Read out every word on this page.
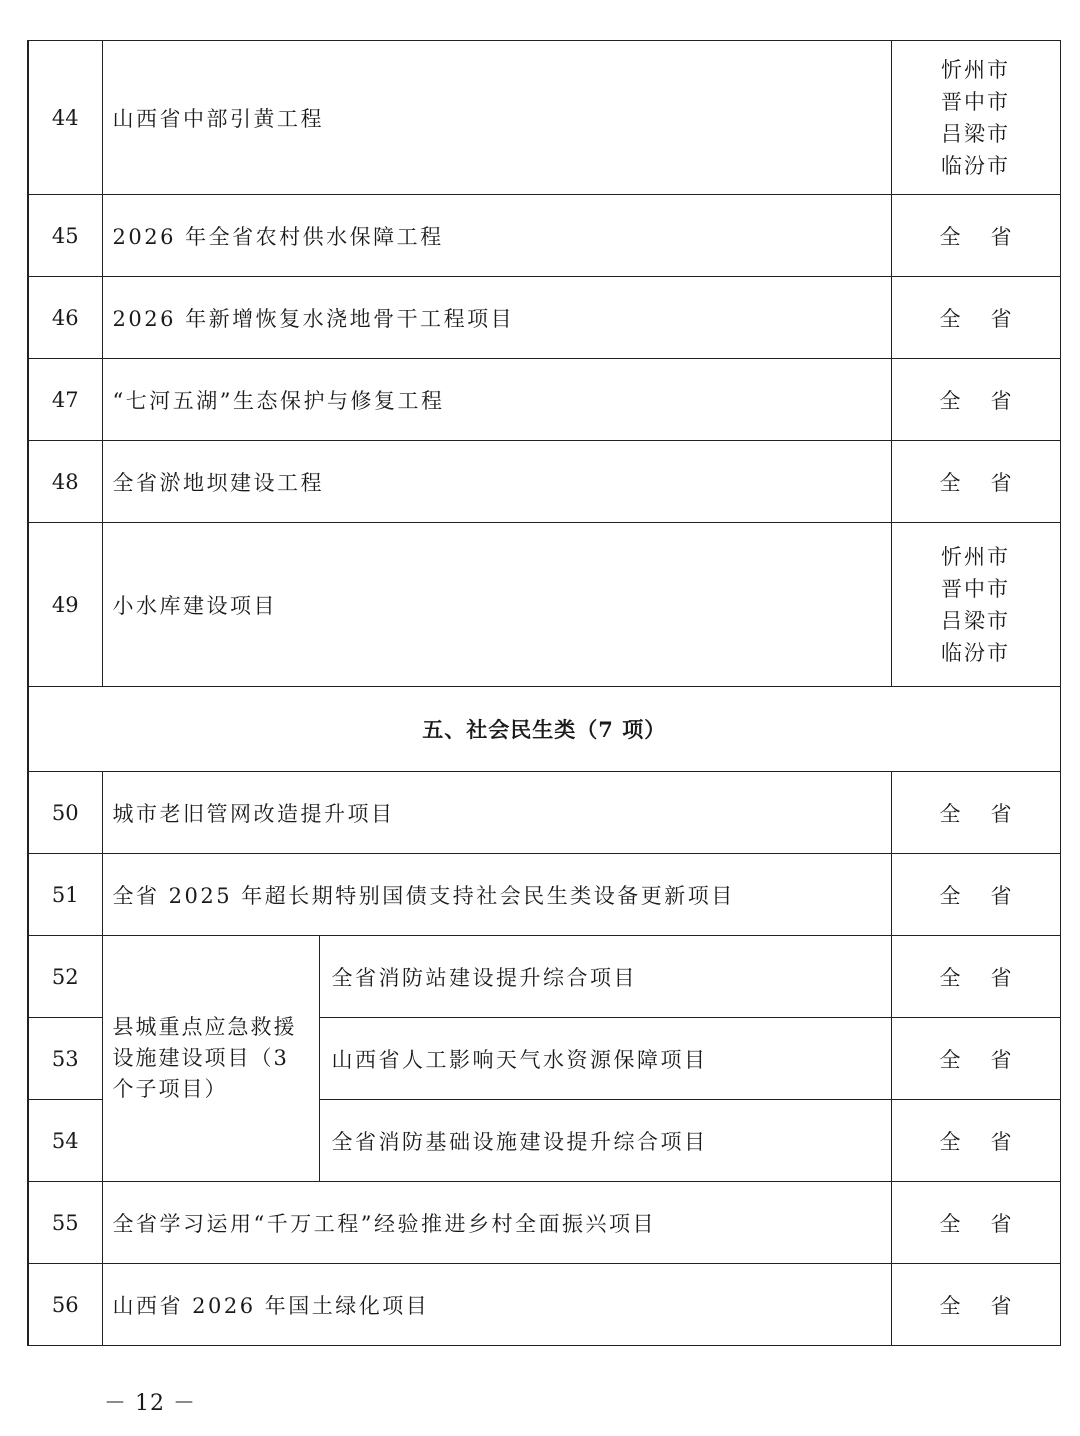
44	山西省中部引黄工程		忻州市
晋中市
吕梁市
临汾市

45	2026 年全省农村供水保障工程		全 省
46	2026 年新增恢复水浇地骨干工程项目		全 省
47	“七河五湖”生态保护与修复工程		全 省
48	全省淤地坝建设工程		全 省
49	小水库建设项目		忻州市
晋中市
吕梁市
临汾市

五、社会民生类（7 项）			
50	城市老旧管网改造提升项目		全 省
51	全省 2025 年超长期特别国债支持社会民生类设备更新项目		全 省
52	县城重点应急救援设施建设项目（3 个子项目）	全省消防站建设提升综合项目	全 省
53		山西省人工影响天气水资源保障项目	全 省
54		全省消防基础设施建设提升综合项目	全 省
55	全省学习运用“千万工程”经验推进乡村全面振兴项目		全 省
56	山西省 2026 年国土绿化项目		全 省
－ 12 －
